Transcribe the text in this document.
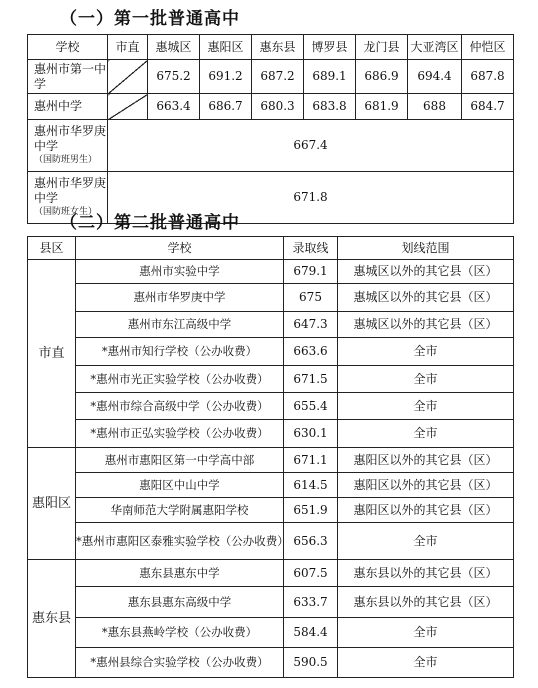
（一）第一批普通高中
学校	市直	惠城区	惠阳区	惠东县	博罗县	龙门县	大亚湾区	仲恺区
惠州市第一中学		675.2	691.2	687.2	689.1	686.9	694.4	687.8
惠州中学		663.4	686.7	680.3	683.8	681.9	688	684.7
惠州市华罗庚中学
（国防班男生）	667.4							
惠州市华罗庚中学
（国防班女生）	671.8							
（二）第二批普通高中
县区	学校	录取线	划线范围
市直	惠州市实验中学	679.1	惠城区以外的其它县（区）
	惠州市华罗庚中学	675	惠城区以外的其它县（区）
	惠州市东江高级中学	647.3	惠城区以外的其它县（区）
	*惠州市知行学校（公办收费）	663.6	全市
	*惠州市光正实验学校（公办收费）	671.5	全市
	*惠州市综合高级中学（公办收费）	655.4	全市
	*惠州市正弘实验学校（公办收费）	630.1	全市
惠阳区	惠州市惠阳区第一中学高中部	671.1	惠阳区以外的其它县（区）
	惠阳区中山中学	614.5	惠阳区以外的其它县（区）
	华南师范大学附属惠阳学校	651.9	惠阳区以外的其它县（区）
	*惠州市惠阳区泰雅实验学校（公办收费）	656.3	全市
惠东县	惠东县惠东中学	607.5	惠东县以外的其它县（区）
	惠东县惠东高级中学	633.7	惠东县以外的其它县（区）
	*惠东县燕岭学校（公办收费）	584.4	全市
	*惠州县综合实验学校（公办收费）	590.5	全市
